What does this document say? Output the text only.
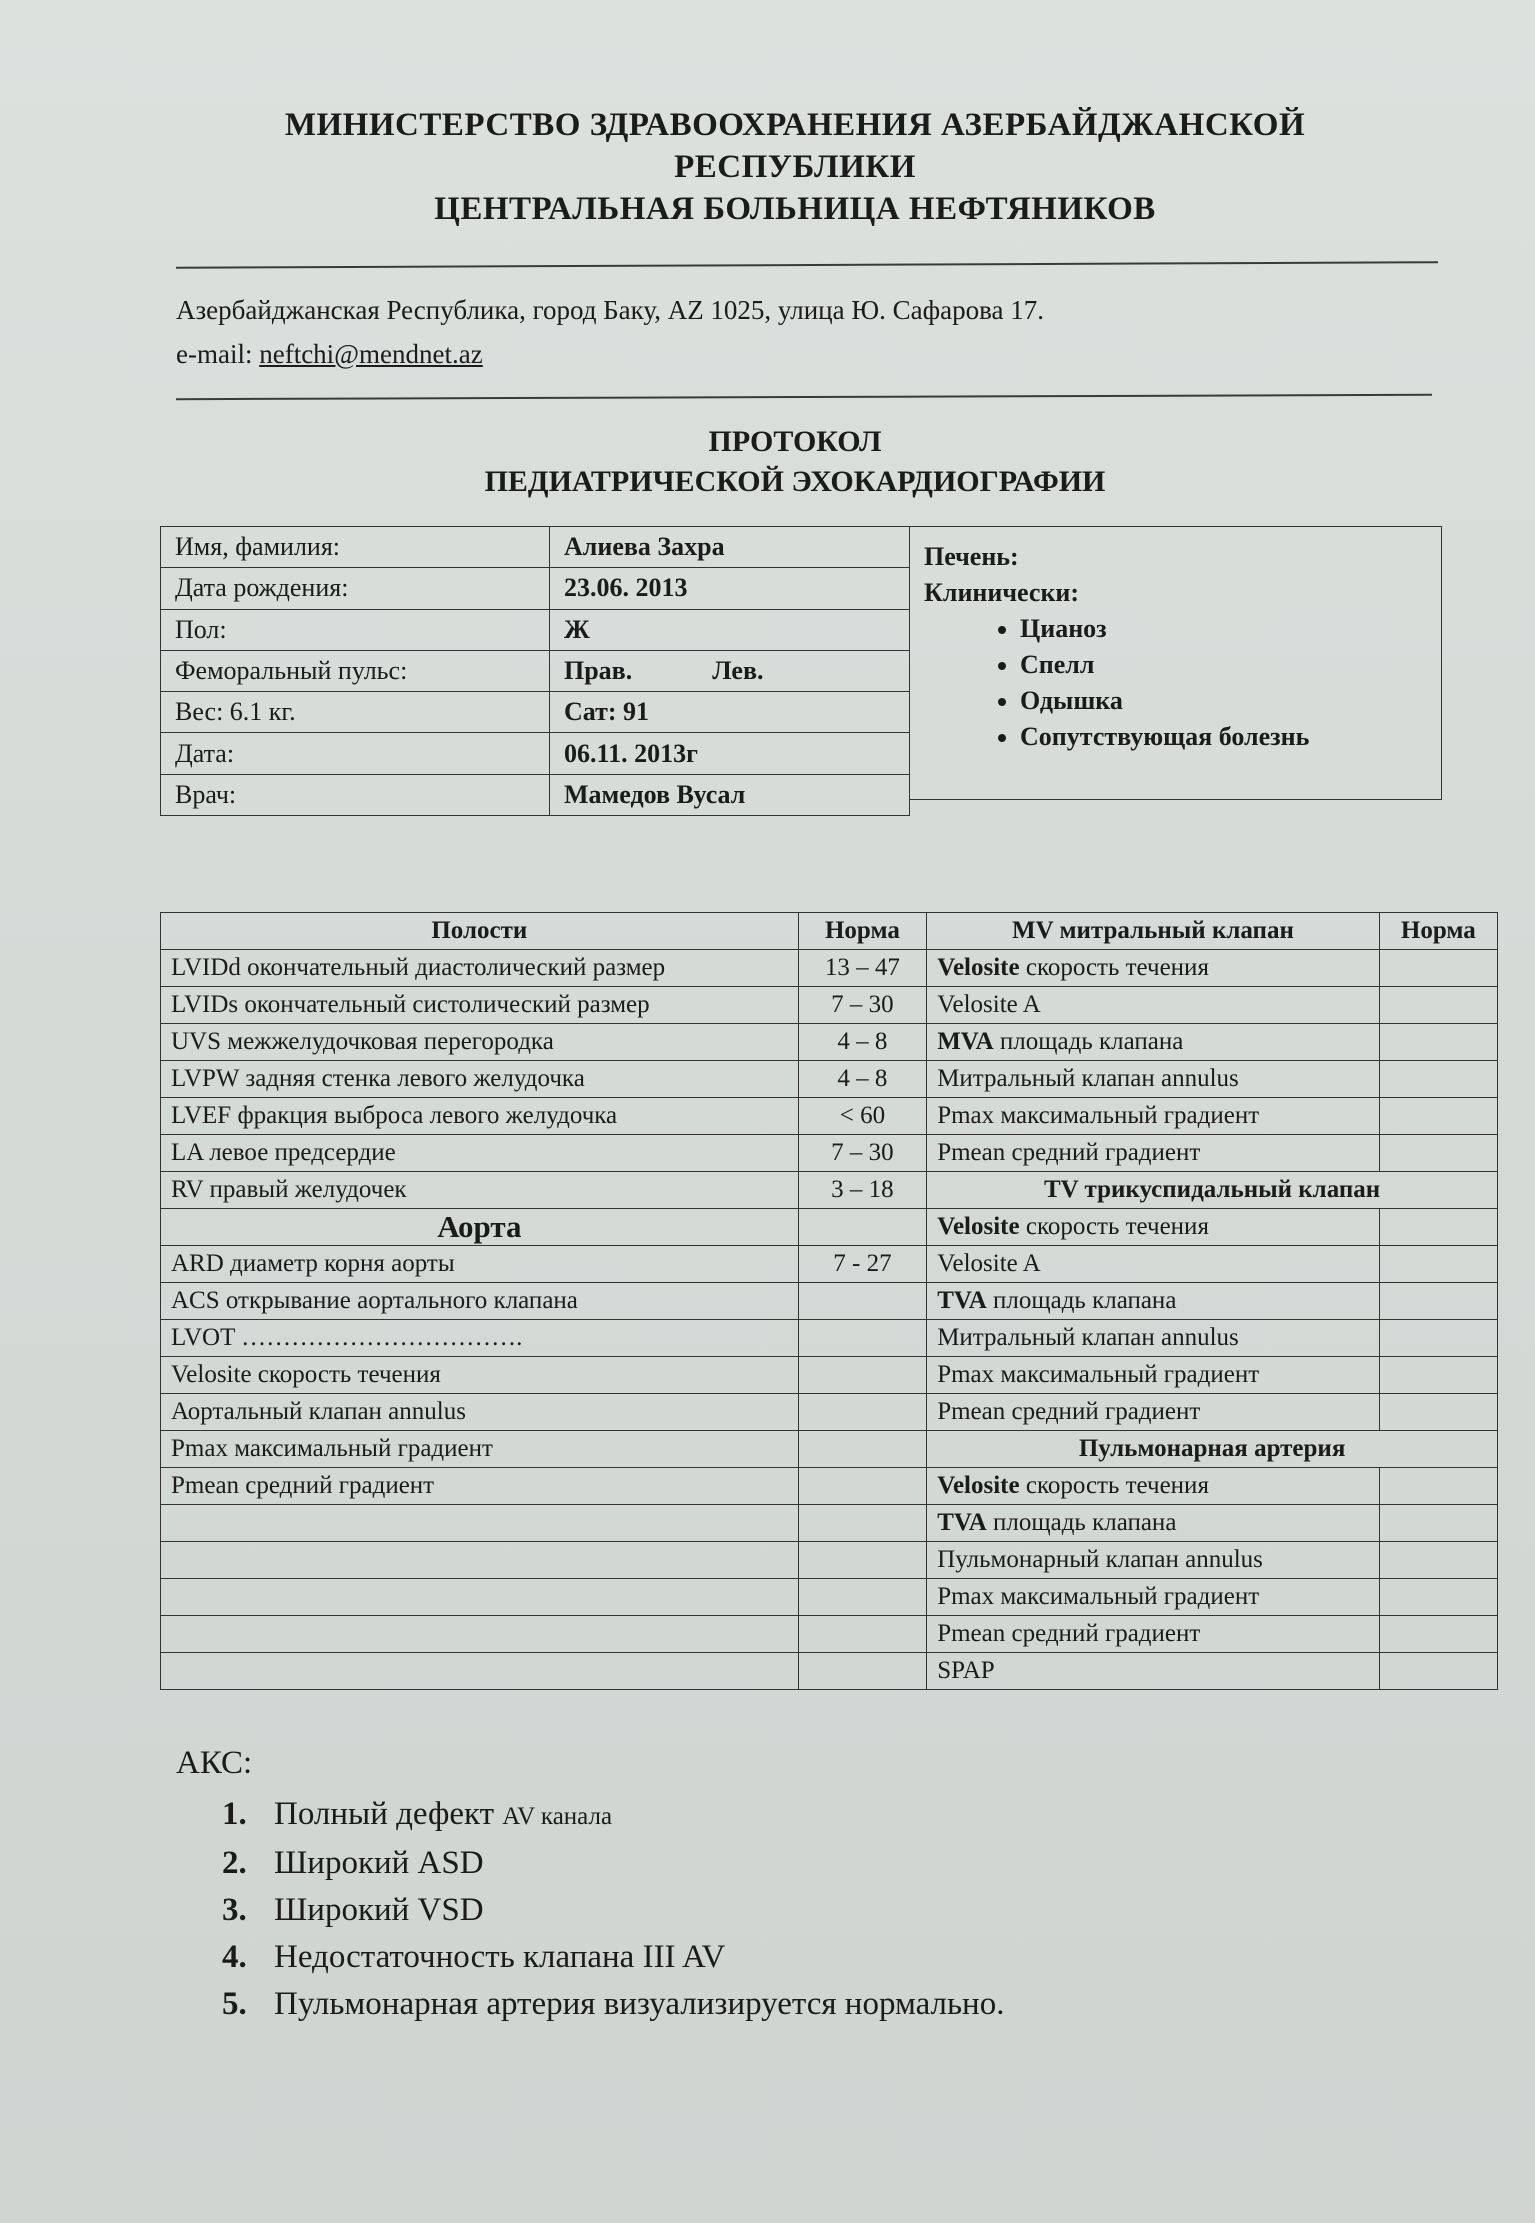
МИНИСТЕРСТВО ЗДРАВООХРАНЕНИЯ АЗЕРБАЙДЖАНСКОЙ
РЕСПУБЛИКИ
ЦЕНТРАЛЬНАЯ БОЛЬНИЦА НЕФТЯНИКОВ
Азербайджанская Республика, город Баку, AZ 1025, улица Ю. Сафарова 17.
e-mail: neftchi@mendnet.az
ПРОТОКОЛ
ПЕДИАТРИЧЕСКОЙ ЭХОКАРДИОГРАФИИ
Имя, фамилия:	Алиева Захра
Дата рождения:	23.06. 2013
Пол:	Ж
Феморальный пульс:	Прав. Лев.
Вес: 6.1 кг.	Сат: 91
Дата:	06.11. 2013г
Врач:	Мамедов Вусал
Печень:
Клинически:
• Цианоз
• Спелл
• Одышка
• Сопутствующая болезнь
Полости	Норма	MV митральный клапан	Норма
LVIDd окончательный диастолический размер	13 – 47	Velosite скорость течения	
LVIDs окончательный систолический размер	7 – 30	Velosite A	
UVS межжелудочковая перегородка	4 – 8	MVA площадь клапана	
LVPW задняя стенка левого желудочка	4 – 8	Митральный клапан annulus	
LVEF фракция выброса левого желудочка	< 60	Pmax максимальный градиент	
LA левое предсердие	7 – 30	Pmean средний градиент	
RV правый желудочек	3 – 18	TV трикуспидальный клапан	
Аорта		Velosite скорость течения	
ARD диаметр корня аорты	7 - 27	Velosite A	
ACS открывание аортального клапана		TVA площадь клапана	
LVOT …………………………….		Митральный клапан annulus	
Velosite скорость течения		Pmax максимальный градиент	
Аортальный клапан annulus		Pmean средний градиент	
Pmax максимальный градиент		Пульмонарная артерия	
Pmean средний градиент		Velosite скорость течения	
		TVA площадь клапана	
		Пульмонарный клапан annulus	
		Pmax максимальный градиент	
		Pmean средний градиент	
		SPAP	
АКС:
1. Полный дефект AV канала
2. Широкий ASD
3. Широкий VSD
4. Недостаточность клапана III AV
5. Пульмонарная артерия визуализируется нормально.
